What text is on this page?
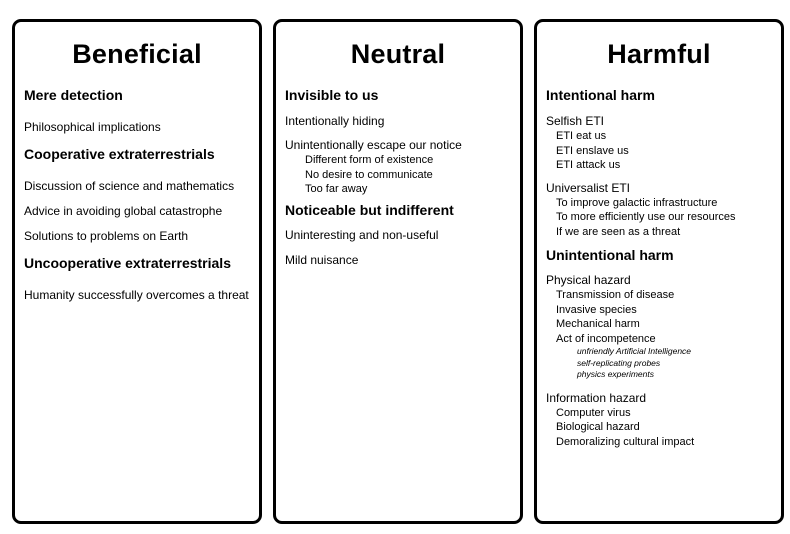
Beneficial
Mere detection
Philosophical implications
Cooperative extraterrestrials
Discussion of science and mathematics
Advice in avoiding global catastrophe
Solutions to problems on Earth
Uncooperative extraterrestrials
Humanity successfully overcomes a threat
Neutral
Invisible to us
Intentionally hiding
Unintentionally escape our notice
Different form of existence
No desire to communicate
Too far away
Noticeable but indifferent
Uninteresting and non-useful
Mild nuisance
Harmful
Intentional harm
Selfish ETI
ETI eat us
ETI enslave us
ETI attack us
Universalist ETI
To improve galactic infrastructure
To more efficiently use our resources
If we are seen as a threat
Unintentional harm
Physical hazard
Transmission of disease
Invasive species
Mechanical harm
Act of incompetence
unfriendly Artificial Intelligence
self-replicating probes
physics experiments
Information hazard
Computer virus
Biological hazard
Demoralizing cultural impact
